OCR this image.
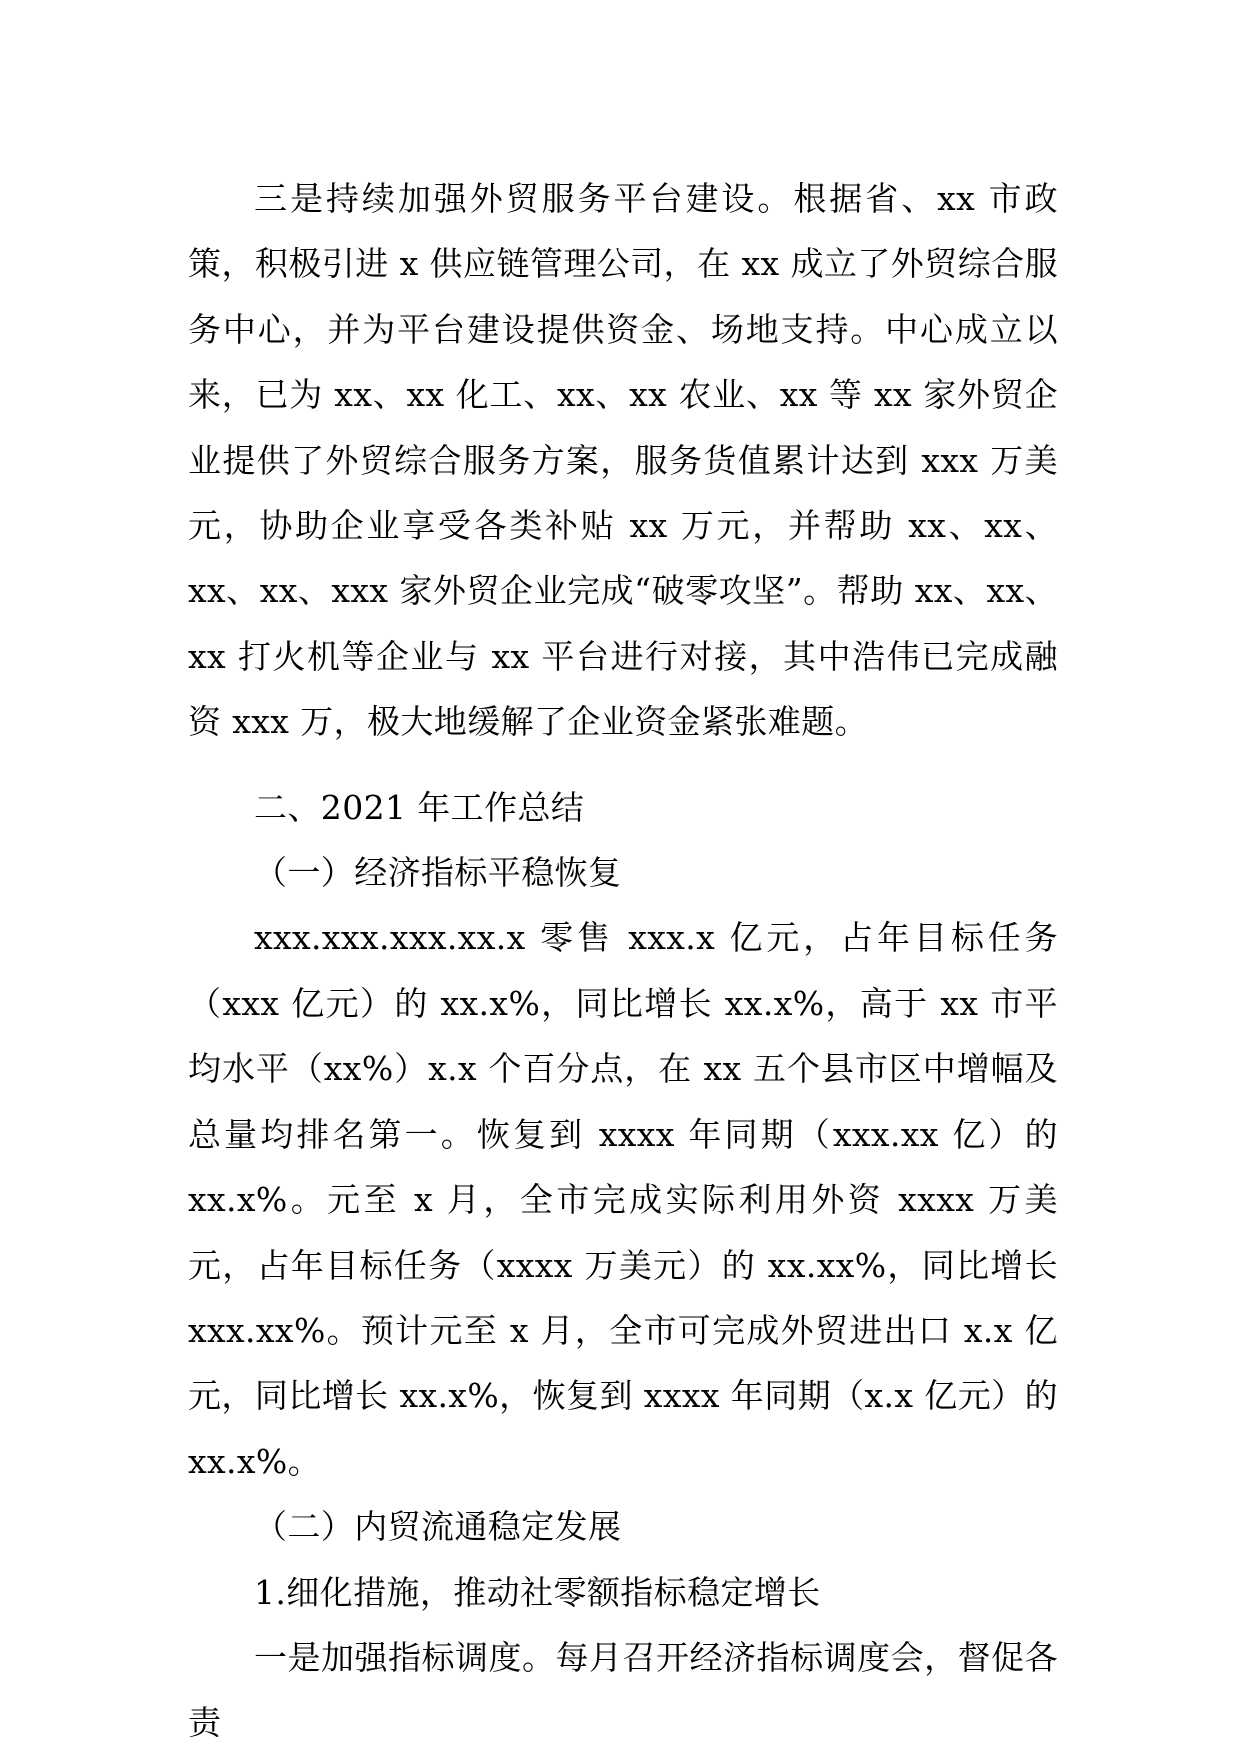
三是持续加强外贸服务平台建设。根据省、xx 市政策，积极引进 x 供应链管理公司，在 xx 成立了外贸综合服务中心，并为平台建设提供资金、场地支持。中心成立以来，已为 xx、xx 化工、xx、xx 农业、xx 等 xx 家外贸企业提供了外贸综合服务方案，服务货值累计达到 xxx 万美元，协助企业享受各类补贴 xx 万元，并帮助 xx、xx、xx、xx、xxx 家外贸企业完成“破零攻坚”。帮助 xx、xx、xx 打火机等企业与 xx 平台进行对接，其中浩伟已完成融资 xxx 万，极大地缓解了企业资金紧张难题。

二、2021 年工作总结

（一）经济指标平稳恢复

xxx.xxx.xxx.xx.x 零售 xxx.x 亿元，占年目标任务（xxx 亿元）的 xx.x%，同比增长 xx.x%，高于 xx 市平均水平（xx%）x.x 个百分点，在 xx 五个县市区中增幅及总量均排名第一。恢复到 xxxx 年同期（xxx.xx 亿）的 xx.x%。元至 x 月，全市完成实际利用外资 xxxx 万美元，占年目标任务（xxxx 万美元）的 xx.xx%，同比增长 xxx.xx%。预计元至 x 月，全市可完成外贸进出口 x.x 亿元，同比增长 xx.x%，恢复到 xxxx 年同期（x.x 亿元）的 xx.x%。

（二）内贸流通稳定发展

1.细化措施，推动社零额指标稳定增长

一是加强指标调度。每月召开经济指标调度会，督促各责
